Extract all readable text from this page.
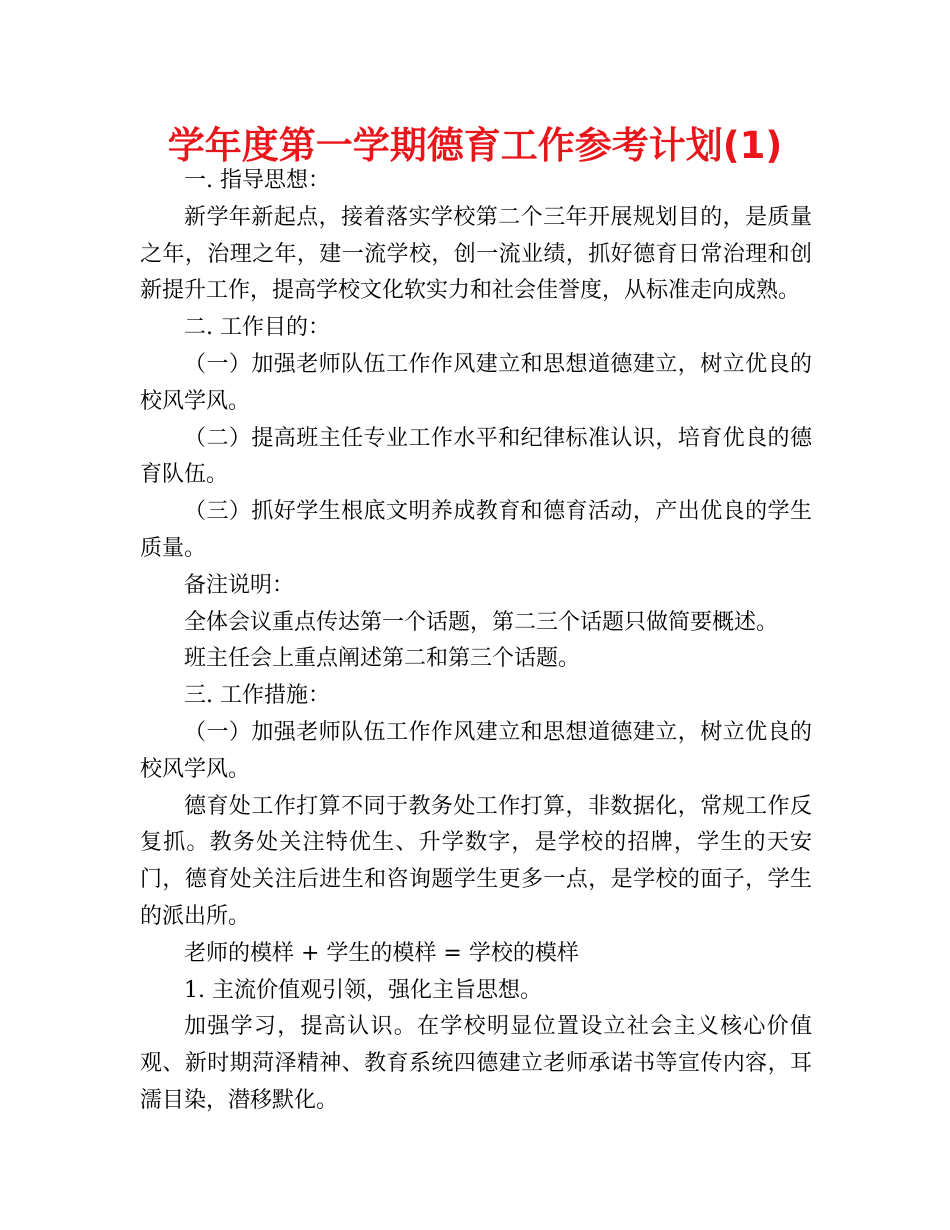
学年度第一学期德育工作参考计划(1)

一. 指导思想：

新学年新起点，接着落实学校第二个三年开展规划目的，是质量之年，治理之年，建一流学校，创一流业绩，抓好德育日常治理和创新提升工作，提高学校文化软实力和社会佳誉度，从标准走向成熟。

二. 工作目的：

（一）加强老师队伍工作作风建立和思想道德建立，树立优良的校风学风。

（二）提高班主任专业工作水平和纪律标准认识，培育优良的德育队伍。

（三）抓好学生根底文明养成教育和德育活动，产出优良的学生质量。

备注说明：

全体会议重点传达第一个话题，第二三个话题只做简要概述。

班主任会上重点阐述第二和第三个话题。

三. 工作措施：

（一）加强老师队伍工作作风建立和思想道德建立，树立优良的校风学风。

德育处工作打算不同于教务处工作打算，非数据化，常规工作反复抓。教务处关注特优生、升学数字，是学校的招牌，学生的天安门，德育处关注后进生和咨询题学生更多一点，是学校的面子，学生的派出所。

老师的模样 + 学生的模样 = 学校的模样

1. 主流价值观引领，强化主旨思想。

加强学习，提高认识。在学校明显位置设立社会主义核心价值观、新时期菏泽精神、教育系统四德建立老师承诺书等宣传内容，耳濡目染，潜移默化。
